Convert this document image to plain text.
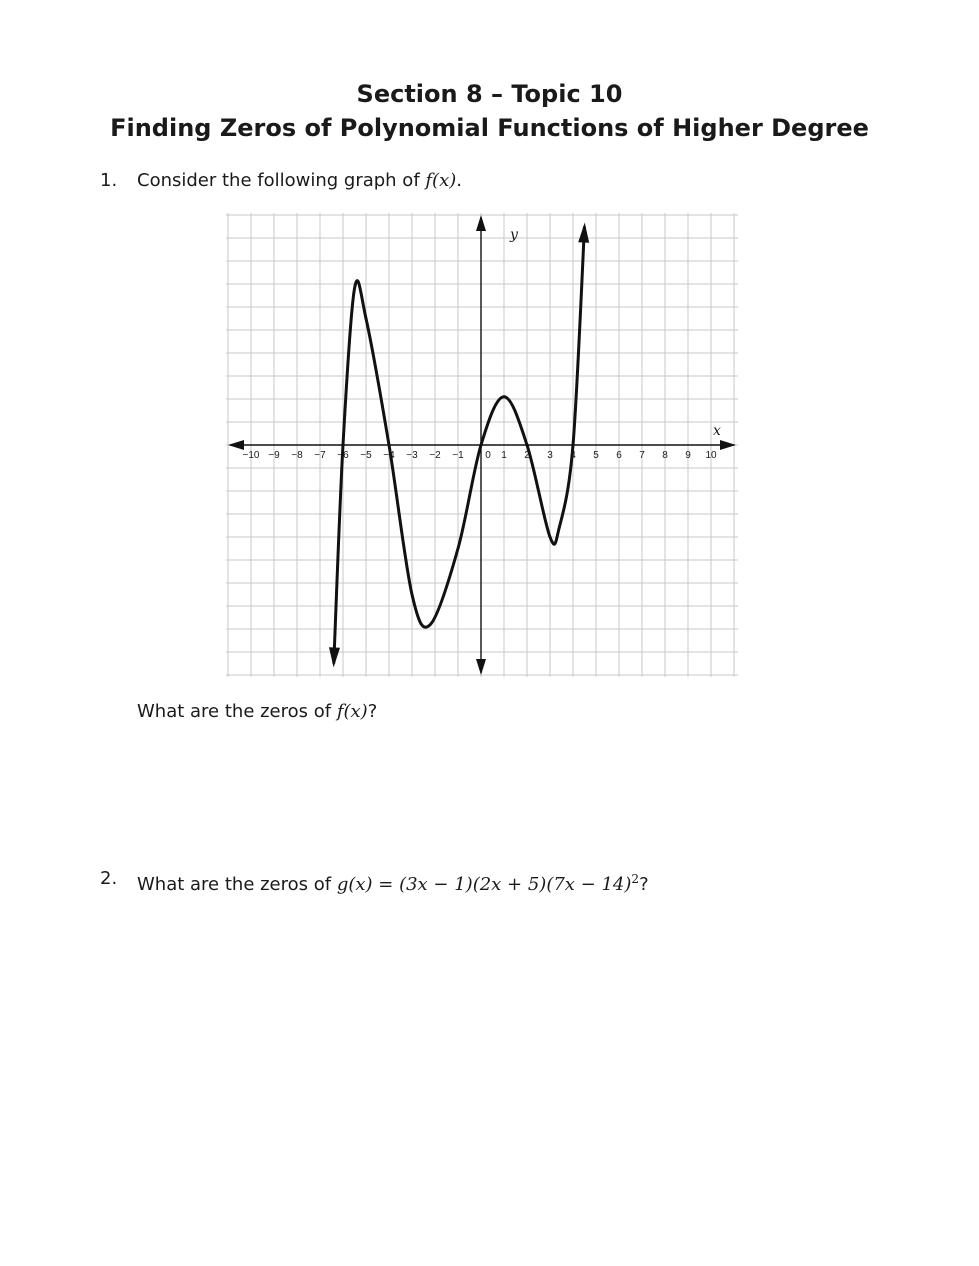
Section 8 – Topic 10
Finding Zeros of Polynomial Functions of Higher Degree
1. Consider the following graph of f(x).
−10 −9 −8 −7 −6 −5 −4 −3 −2 −1 0 1 2 3 4 5 6 7 8 9 10
x
y
What are the zeros of f(x)?
2. What are the zeros of $g(x) = (3x - 1)(2x + 5)(7x - 14)^2$?
